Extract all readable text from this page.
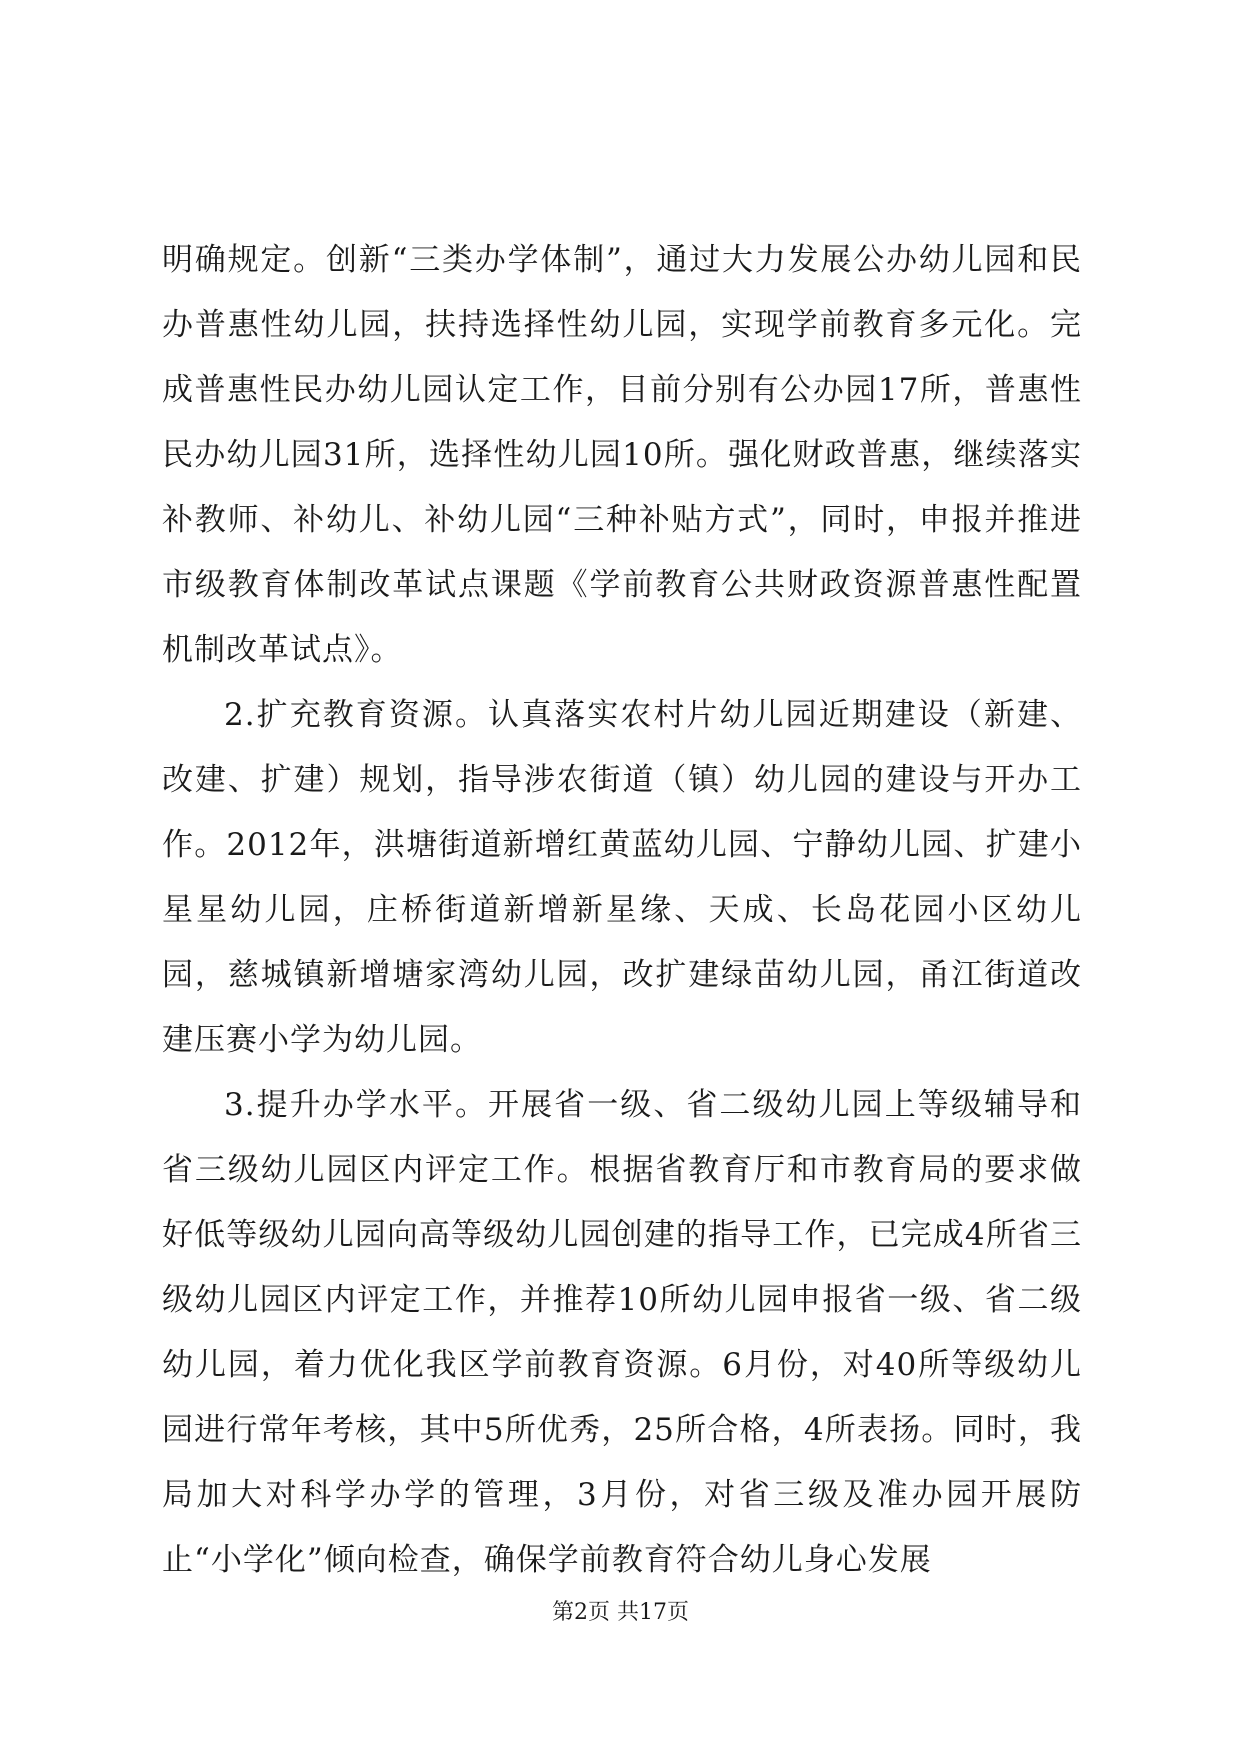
明确规定。创新“三类办学体制”，通过大力发展公办幼儿园和民办普惠性幼儿园，扶持选择性幼儿园，实现学前教育多元化。完成普惠性民办幼儿园认定工作，目前分别有公办园17所，普惠性民办幼儿园31所，选择性幼儿园10所。强化财政普惠，继续落实补教师、补幼儿、补幼儿园“三种补贴方式”，同时，申报并推进市级教育体制改革试点课题《学前教育公共财政资源普惠性配置机制改革试点》。

2.扩充教育资源。认真落实农村片幼儿园近期建设（新建、改建、扩建）规划，指导涉农街道（镇）幼儿园的建设与开办工作。2012年，洪塘街道新增红黄蓝幼儿园、宁静幼儿园、扩建小星星幼儿园，庄桥街道新增新星缘、天成、长岛花园小区幼儿园，慈城镇新增塘家湾幼儿园，改扩建绿苗幼儿园，甬江街道改建压赛小学为幼儿园。

3.提升办学水平。开展省一级、省二级幼儿园上等级辅导和省三级幼儿园区内评定工作。根据省教育厅和市教育局的要求做好低等级幼儿园向高等级幼儿园创建的指导工作，已完成4所省三级幼儿园区内评定工作，并推荐10所幼儿园申报省一级、省二级幼儿园，着力优化我区学前教育资源。6月份，对40所等级幼儿园进行常年考核，其中5所优秀，25所合格，4所表扬。同时，我局加大对科学办学的管理，3月份，对省三级及准办园开展防止“小学化”倾向检查，确保学前教育符合幼儿身心发展

第2页 共17页
